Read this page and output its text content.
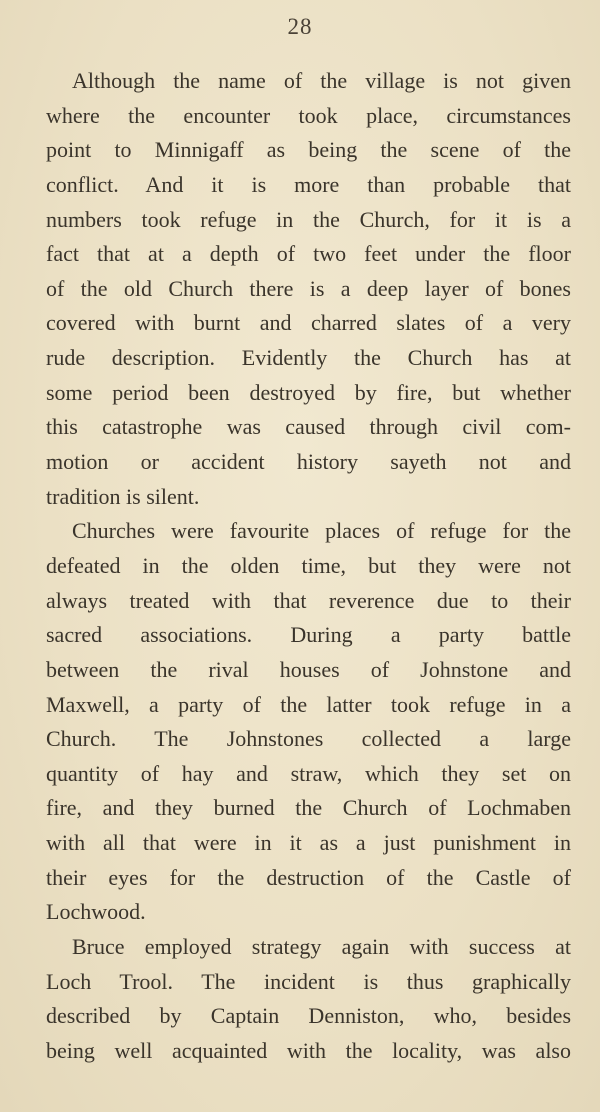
28
Although the name of the village is not given
where the encounter took place, circumstances
point to Minnigaff as being the scene of the
conflict. And it is more than probable that
numbers took refuge in the Church, for it is a
fact that at a depth of two feet under the floor
of the old Church there is a deep layer of bones
covered with burnt and charred slates of a very
rude description. Evidently the Church has at
some period been destroyed by fire, but whether
this catastrophe was caused through civil com-
motion or accident history sayeth not and
tradition is silent.
Churches were favourite places of refuge for the
defeated in the olden time, but they were not
always treated with that reverence due to their
sacred associations. During a party battle
between the rival houses of Johnstone and
Maxwell, a party of the latter took refuge in a
Church. The Johnstones collected a large
quantity of hay and straw, which they set on
fire, and they burned the Church of Lochmaben
with all that were in it as a just punishment in
their eyes for the destruction of the Castle of
Lochwood.
Bruce employed strategy again with success at
Loch Trool. The incident is thus graphically
described by Captain Denniston, who, besides
being well acquainted with the locality, was also
